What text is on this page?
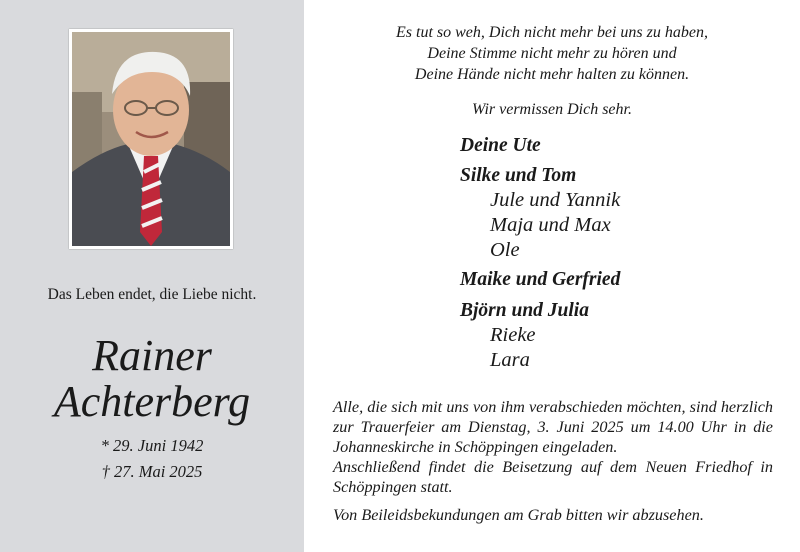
Das Leben endet, die Liebe nicht.
Rainer
Achterberg
* 29. Juni 1942
† 27. Mai 2025
Es tut so weh, Dich nicht mehr bei uns zu haben,
Deine Stimme nicht mehr zu hören und
Deine Hände nicht mehr halten zu können.
Wir vermissen Dich sehr.
Deine Ute
Silke und Tom
Jule und Yannik
Maja und Max
Ole
Maike und Gerfried
Björn und Julia
Rieke
Lara

Alle, die sich mit uns von ihm verabschieden möchten, sind herzlich zur Trauerfeier am Dienstag, 3. Juni 2025 um 14.00 Uhr in die Johanneskirche in Schöppingen eingeladen.

Anschließend findet die Beisetzung auf dem Neuen Friedhof in Schöppingen statt.

Von Beileidsbekundungen am Grab bitten wir abzusehen.
